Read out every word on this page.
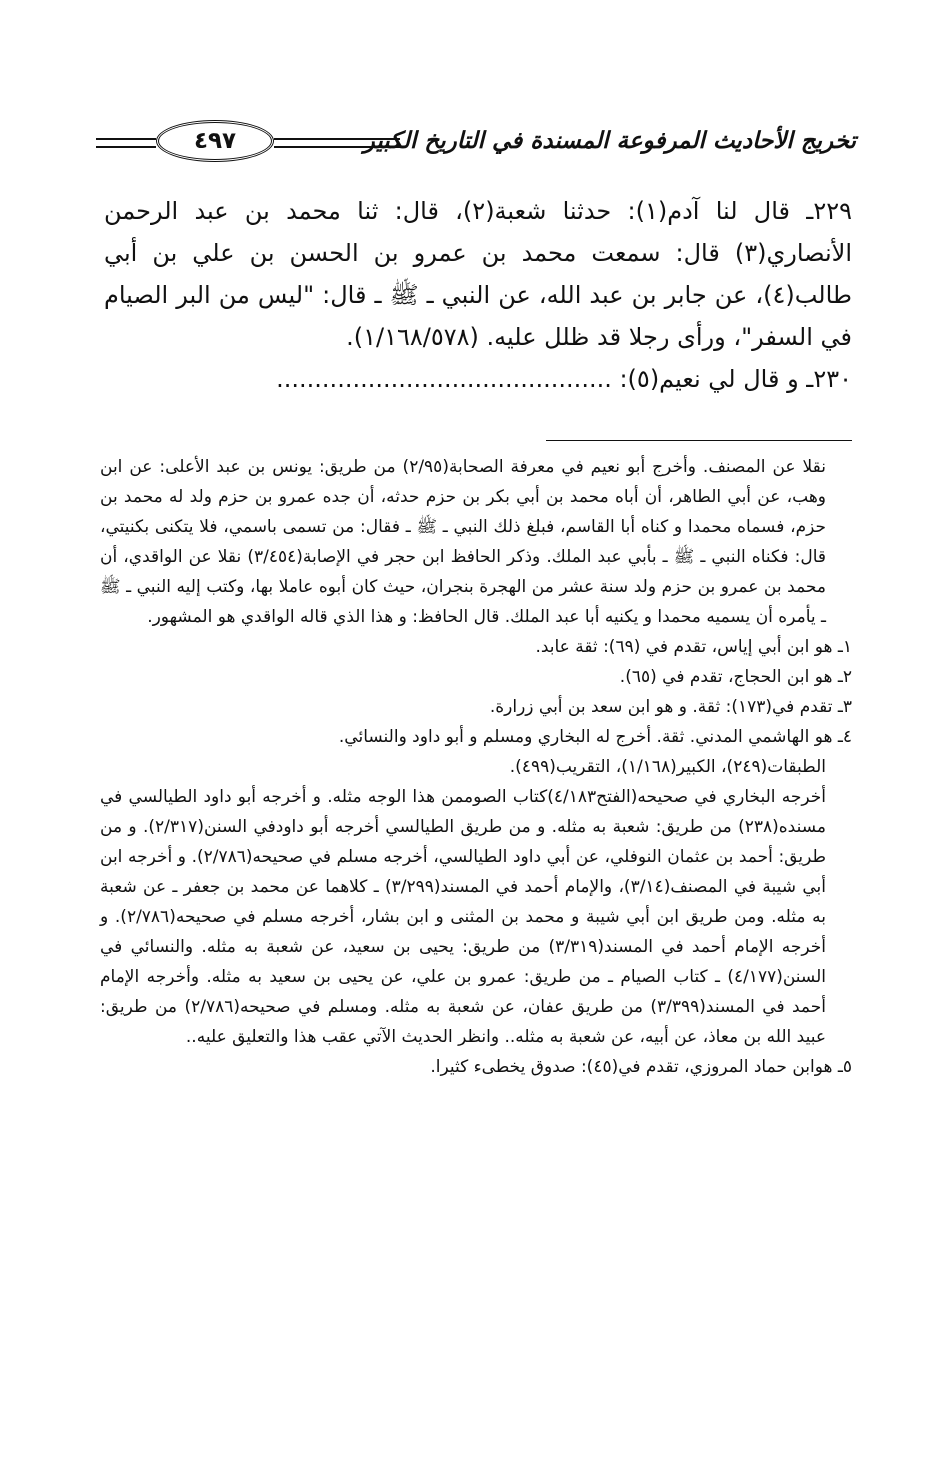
تخريج الأحاديث المرفوعة المسندة في التاريخ الكبير
٤٩٧

٢٢٩ـ قال لنا آدم(١): حدثنا شعبة(٢)، قال: ثنا محمد بن عبد الرحمن الأنصاري(٣) قال: سمعت محمد بن عمرو بن الحسن بن علي بن أبي طالب(٤)، عن جابر بن عبد الله، عن النبي ـ ﷺ ـ قال: "ليس من البر الصيام في السفر"، ورأى رجلا قد ظلل عليه. (١/١٦٨/٥٧٨).

٢٣٠ـ و قال لي نعيم(٥): ............................................

نقلا عن المصنف. وأخرج أبو نعيم في معرفة الصحابة(٢/٩٥) من طريق: يونس بن عبد الأعلى: عن ابن وهب، عن أبي الطاهر، أن أباه محمد بن أبي بكر بن حزم حدثه، أن جده عمرو بن حزم ولد له محمد بن حزم، فسماه محمدا و كناه أبا القاسم، فبلغ ذلك النبي ـ ﷺ ـ فقال: من تسمى باسمي، فلا يتكنى بكنيتي، قال: فكناه النبي ـ ﷺ ـ بأبي عبد الملك. وذكر الحافظ ابن حجر في الإصابة(٣/٤٥٤) نقلا عن الواقدي، أن محمد بن عمرو بن حزم ولد سنة عشر من الهجرة بنجران، حيث كان أبوه عاملا بها، وكتب إليه النبي ـ ﷺ ـ يأمره أن يسميه محمدا و يكنيه أبا عبد الملك. قال الحافظ: و هذا الذي قاله الواقدي هو المشهور.

١ـ هو ابن أبي إياس، تقدم في (٦٩): ثقة عابد.

٢ـ هو ابن الحجاج، تقدم في (٦٥).

٣ـ تقدم في(١٧٣): ثقة. و هو ابن سعد بن أبي زرارة.

٤ـ هو الهاشمي المدني. ثقة. أخرج له البخاري ومسلم و أبو داود والنسائي.

الطبقات(٢٤٩)، الكبير(١/١٦٨)، التقريب(٤٩٩).

أخرجه البخاري في صحيحه(الفتح٤/١٨٣)كتاب الصوممن هذا الوجه مثله. و أخرجه أبو داود الطيالسي في مسنده(٢٣٨) من طريق: شعبة به مثله. و من طريق الطيالسي أخرجه أبو داودفي السنن(٢/٣١٧). و من طريق: أحمد بن عثمان النوفلي، عن أبي داود الطيالسي، أخرجه مسلم في صحيحه(٢/٧٨٦). و أخرجه ابن أبي شيبة في المصنف(٣/١٤)، والإمام أحمد في المسند(٣/٢٩٩) ـ كلاهما عن محمد بن جعفر ـ عن شعبة به مثله. ومن طريق ابن أبي شيبة و محمد بن المثنى و ابن بشار، أخرجه مسلم في صحيحه(٢/٧٨٦). و أخرجه الإمام أحمد في المسند(٣/٣١٩) من طريق: يحيى بن سعيد، عن شعبة به مثله. والنسائي في السنن(٤/١٧٧) ـ كتاب الصيام ـ من طريق: عمرو بن علي، عن يحيى بن سعيد به مثله. وأخرجه الإمام أحمد في المسند(٣/٣٩٩) من طريق عفان، عن شعبة به مثله. ومسلم في صحيحه(٢/٧٨٦) من طريق: عبيد الله بن معاذ، عن أبيه، عن شعبة به مثله.. وانظر الحديث الآتي عقب هذا والتعليق عليه..

٥ـ هوابن حماد المروزي، تقدم في(٤٥): صدوق يخطىء كثيرا.
